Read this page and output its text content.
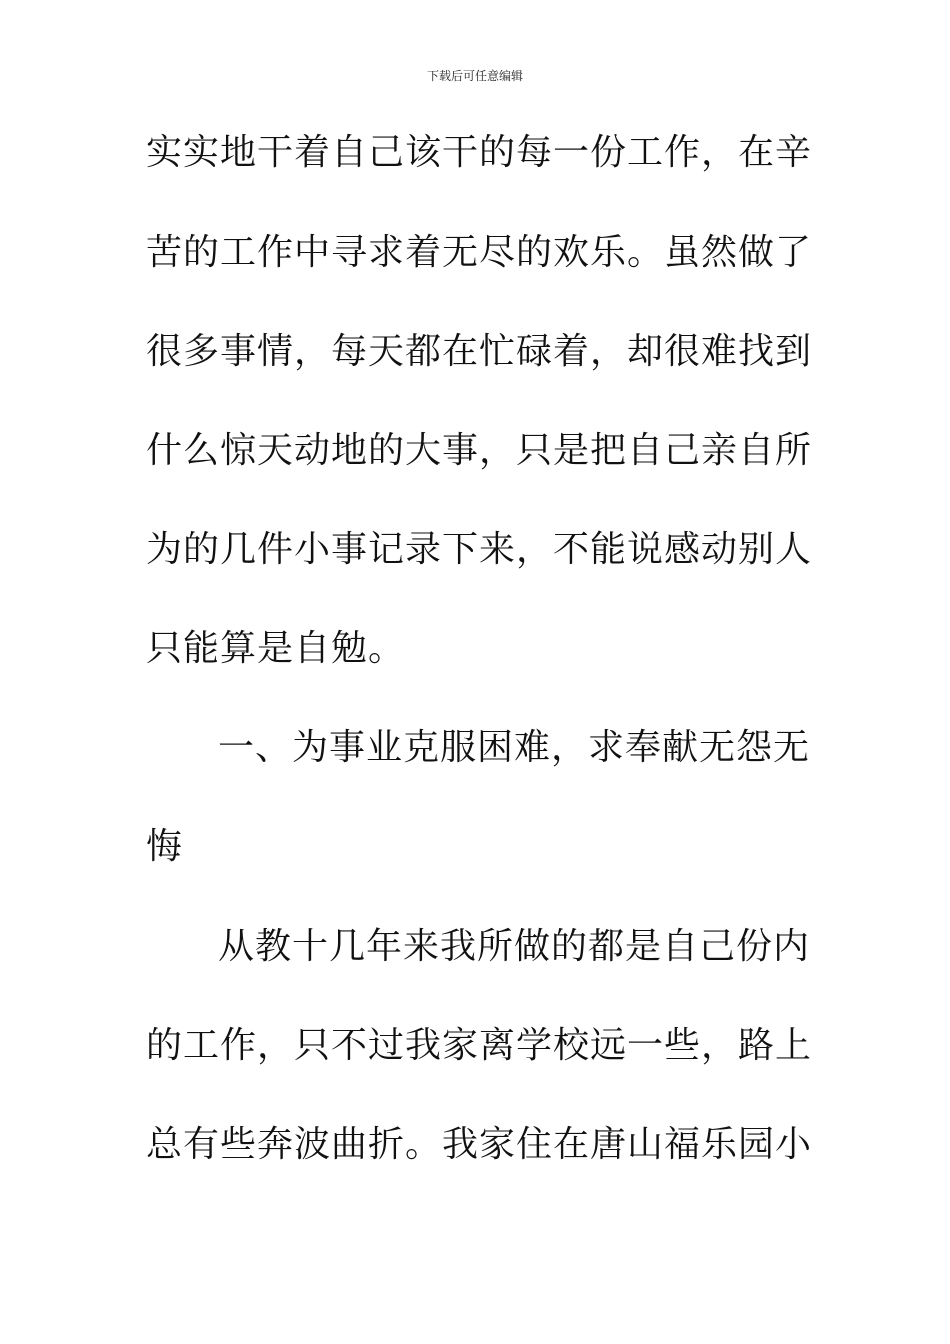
下载后可任意编辑
实实地干着自己该干的每一份工作，在辛
苦的工作中寻求着无尽的欢乐。虽然做了
很多事情，每天都在忙碌着，却很难找到
什么惊天动地的大事，只是把自己亲自所
为的几件小事记录下来，不能说感动别人
只能算是自勉。
一、为事业克服困难，求奉献无怨无
悔
从教十几年来我所做的都是自己份内
的工作，只不过我家离学校远一些，路上
总有些奔波曲折。我家住在唐山福乐园小
